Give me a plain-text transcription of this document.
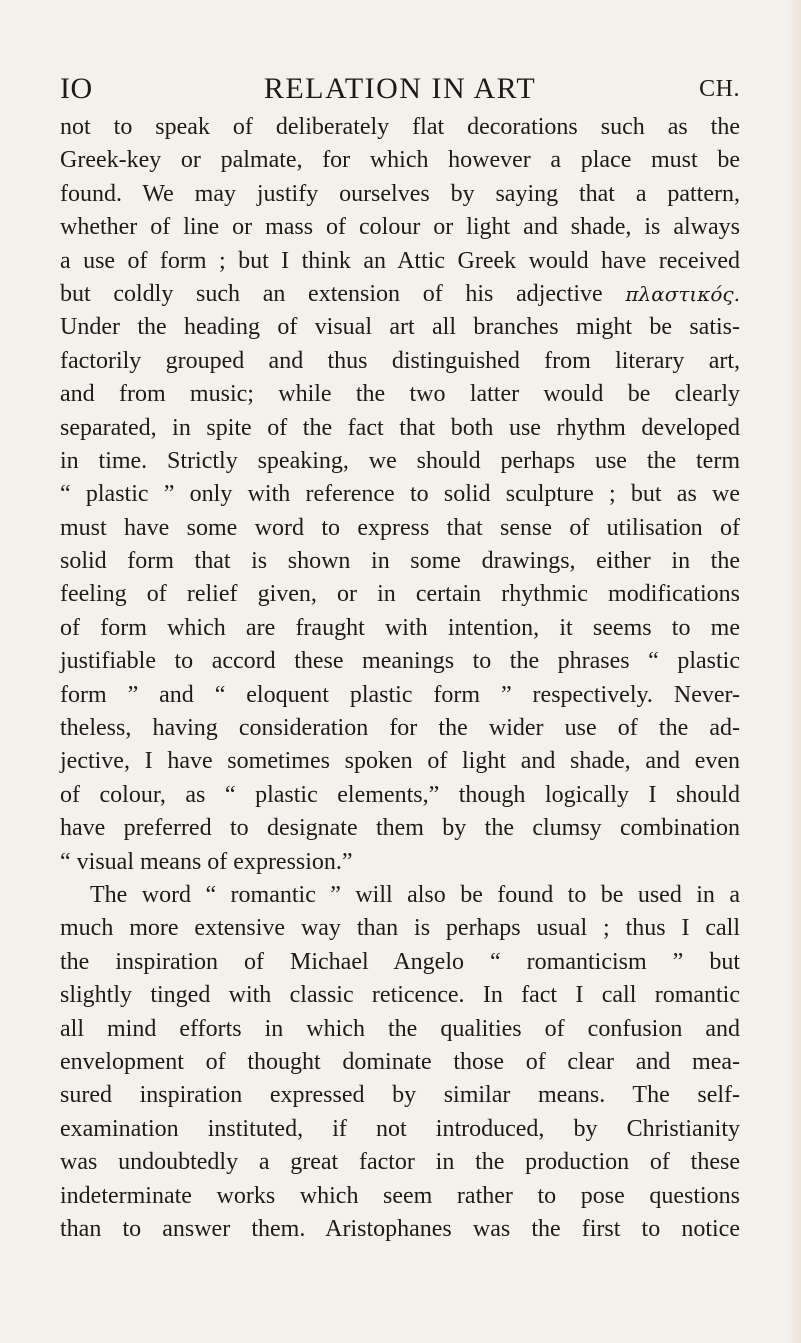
IO	RELATION IN ART	CH.
not to speak of deliberately flat decorations such as the
Greek-key or palmate, for which however a place must be
found. We may justify ourselves by saying that a pattern,
whether of line or mass of colour or light and shade, is always
a use of form ; but I think an Attic Greek would have received
but coldly such an extension of his adjective πλαστικός.
Under the heading of visual art all branches might be satis-
factorily grouped and thus distinguished from literary art,
and from music; while the two latter would be clearly
separated, in spite of the fact that both use rhythm developed
in time. Strictly speaking, we should perhaps use the term
“ plastic ” only with reference to solid sculpture ; but as we
must have some word to express that sense of utilisation of
solid form that is shown in some drawings, either in the
feeling of relief given, or in certain rhythmic modifications
of form which are fraught with intention, it seems to me
justifiable to accord these meanings to the phrases “ plastic
form ” and “ eloquent plastic form ” respectively. Never-
theless, having consideration for the wider use of the ad-
jective, I have sometimes spoken of light and shade, and even
of colour, as “ plastic elements,” though logically I should
have preferred to designate them by the clumsy combination
“ visual means of expression.”
The word “ romantic ” will also be found to be used in a
much more extensive way than is perhaps usual ; thus I call
the inspiration of Michael Angelo “ romanticism ” but
slightly tinged with classic reticence. In fact I call romantic
all mind efforts in which the qualities of confusion and
envelopment of thought dominate those of clear and mea-
sured inspiration expressed by similar means. The self-
examination instituted, if not introduced, by Christianity
was undoubtedly a great factor in the production of these
indeterminate works which seem rather to pose questions
than to answer them. Aristophanes was the first to notice
